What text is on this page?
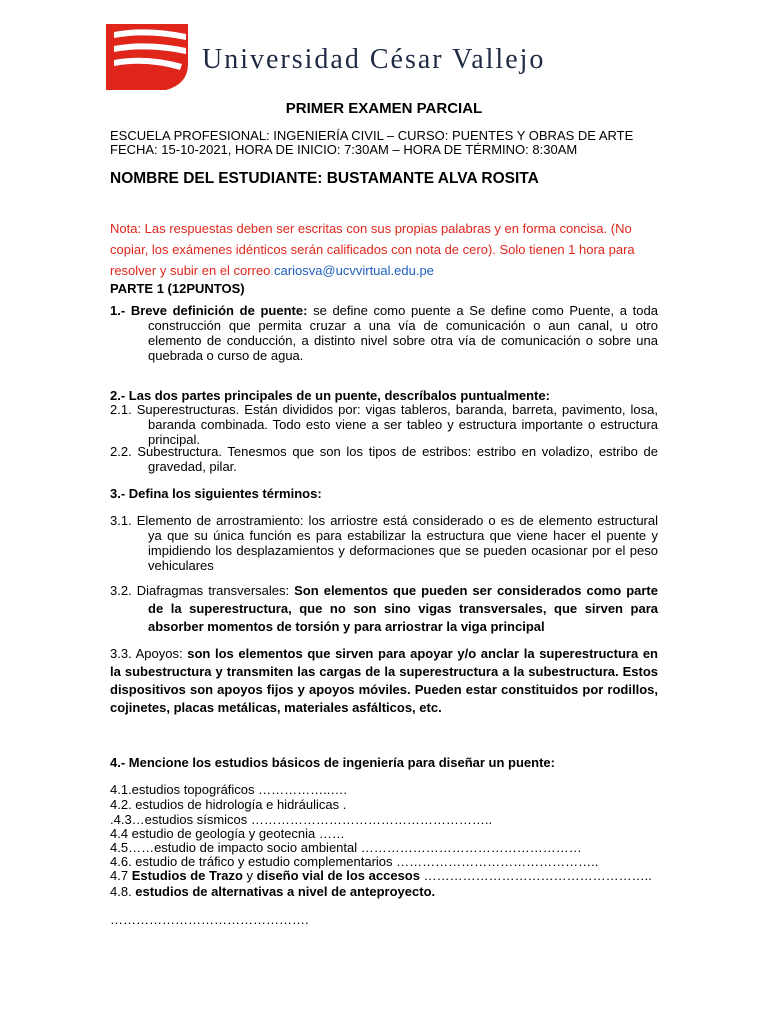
Universidad César Vallejo
PRIMER EXAMEN PARCIAL
ESCUELA PROFESIONAL: INGENIERÍA CIVIL – CURSO: PUENTES Y OBRAS DE ARTE
FECHA: 15-10-2021, HORA DE INICIO: 7:30AM – HORA DE TÉRMINO: 8:30AM
NOMBRE DEL ESTUDIANTE: BUSTAMANTE ALVA ROSITA
Nota: Las respuestas deben ser escritas con sus propias palabras y en forma concisa. (No copiar, los exámenes idénticos serán calificados con nota de cero). Solo tienen 1 hora para resolver y subir en el correo cariosva@ucvvirtual.edu.pe
PARTE 1 (12PUNTOS)
1.- Breve definición de puente: se define como puente a Se define como Puente, a toda construcción que permita cruzar a una vía de comunicación o aun canal, u otro elemento de conducción, a distinto nivel sobre otra vía de comunicación o sobre una quebrada o curso de agua.
2.- Las dos partes principales de un puente, descríbalos puntualmente:
2.1. Superestructuras. Están divididos por: vigas tableros, baranda, barreta, pavimento, losa, baranda combinada. Todo esto viene a ser tableo y estructura importante o estructura principal.
2.2. Subestructura. Tenesmos que son los tipos de estribos: estribo en voladizo, estribo de gravedad, pilar.
3.- Defina los siguientes términos:
3.1. Elemento de arrostramiento: los arriostre está considerado o es de elemento estructural ya que su única función es para estabilizar la estructura que viene hacer el puente y impidiendo los desplazamientos y deformaciones que se pueden ocasionar por el peso vehiculares
3.2. Diafragmas transversales: Son elementos que pueden ser considerados como parte de la superestructura, que no son sino vigas transversales, que sirven para absorber momentos de torsión y para arriostrar la viga principal
3.3. Apoyos: son los elementos que sirven para apoyar y/o anclar la superestructura en la subestructura y transmiten las cargas de la superestructura a la subestructura. Estos dispositivos son apoyos fijos y apoyos móviles. Pueden estar constituidos por rodillos, cojinetes, placas metálicas, materiales asfálticos, etc.
4.- Mencione los estudios básicos de ingeniería para diseñar un puente:
4.1.estudios topográficos ……………..….
4.2. estudios de hidrología e hidráulicas .
.4.3…estudios sísmicos ………………………………………………..
4.4 estudio de geología y geotecnia ……
4.5……estudio de impacto socio ambiental ……………………………………………
4.6. estudio de tráfico y estudio complementarios ………………………………………..
4.7 Estudios de Trazo y diseño vial de los accesos ……………………………………………..
4.8. estudios de alternativas a nivel de anteproyecto.
……………………………………….
